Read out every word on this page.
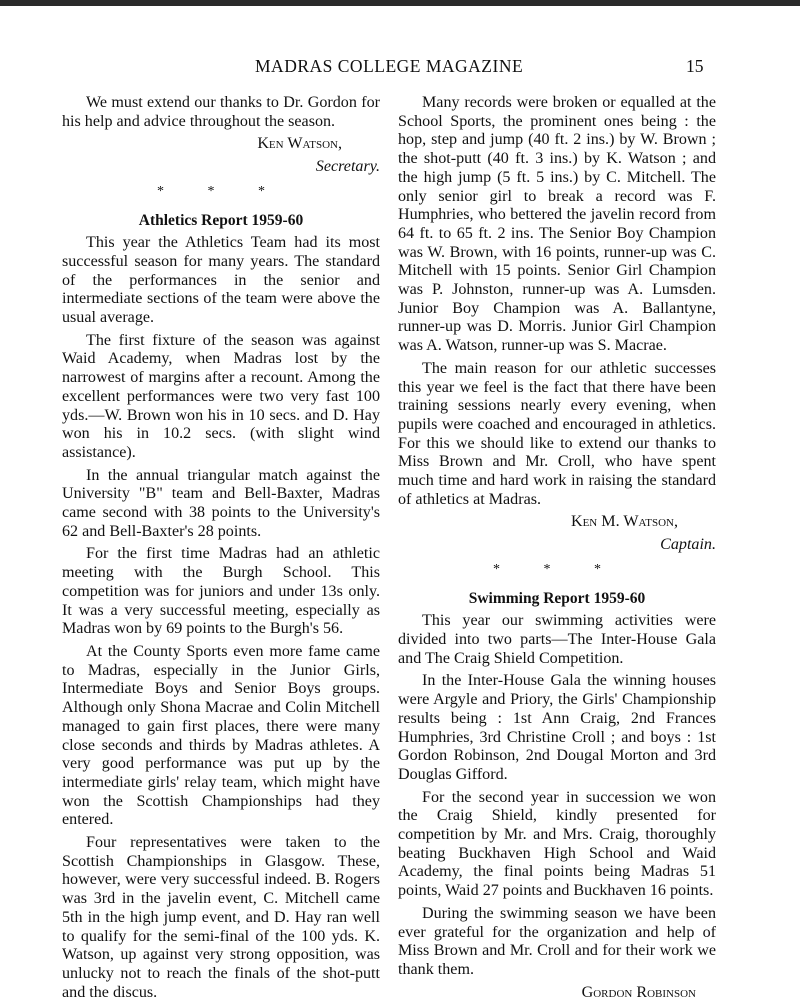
MADRAS COLLEGE MAGAZINE	15

We must extend our thanks to Dr. Gordon for his help and advice throughout the season.

Ken Watson,

Secretary.

* * *
Athletics Report 1959-60

This year the Athletics Team had its most successful season for many years. The standard of the performances in the senior and intermediate sections of the team were above the usual average.

The first fixture of the season was against Waid Academy, when Madras lost by the narrowest of margins after a recount. Among the excellent performances were two very fast 100 yds.—W. Brown won his in 10 secs. and D. Hay won his in 10.2 secs. (with slight wind assistance).

In the annual triangular match against the University "B" team and Bell-Baxter, Madras came second with 38 points to the University's 62 and Bell-Baxter's 28 points.

For the first time Madras had an athletic meeting with the Burgh School. This competition was for juniors and under 13s only. It was a very successful meeting, especially as Madras won by 69 points to the Burgh's 56.

At the County Sports even more fame came to Madras, especially in the Junior Girls, Intermediate Boys and Senior Boys groups. Although only Shona Macrae and Colin Mitchell managed to gain first places, there were many close seconds and thirds by Madras athletes. A very good performance was put up by the intermediate girls' relay team, which might have won the Scottish Championships had they entered.

Four representatives were taken to the Scottish Championships in Glasgow. These, however, were very successful indeed. B. Rogers was 3rd in the javelin event, C. Mitchell came 5th in the high jump event, and D. Hay ran well to qualify for the semi-final of the 100 yds. K. Watson, up against very strong opposition, was unlucky not to reach the finals of the shot-putt and the discus.

Many records were broken or equalled at the School Sports, the prominent ones being : the hop, step and jump (40 ft. 2 ins.) by W. Brown ; the shot-putt (40 ft. 3 ins.) by K. Watson ; and the high jump (5 ft. 5 ins.) by C. Mitchell. The only senior girl to break a record was F. Humphries, who bettered the javelin record from 64 ft. to 65 ft. 2 ins. The Senior Boy Champion was W. Brown, with 16 points, runner-up was C. Mitchell with 15 points. Senior Girl Champion was P. Johnston, runner-up was A. Lumsden. Junior Boy Champion was A. Ballantyne, runner-up was D. Morris. Junior Girl Champion was A. Watson, runner-up was S. Macrae.

The main reason for our athletic successes this year we feel is the fact that there have been training sessions nearly every evening, when pupils were coached and encouraged in athletics. For this we should like to extend our thanks to Miss Brown and Mr. Croll, who have spent much time and hard work in raising the standard of athletics at Madras.

Ken M. Watson,

Captain.

* * *
Swimming Report 1959-60

This year our swimming activities were divided into two parts—The Inter-House Gala and The Craig Shield Competition.

In the Inter-House Gala the winning houses were Argyle and Priory, the Girls' Championship results being : 1st Ann Craig, 2nd Frances Humphries, 3rd Christine Croll ; and boys : 1st Gordon Robinson, 2nd Dougal Morton and 3rd Douglas Gifford.

For the second year in succession we won the Craig Shield, kindly presented for competition by Mr. and Mrs. Craig, thoroughly beating Buckhaven High School and Waid Academy, the final points being Madras 51 points, Waid 27 points and Buckhaven 16 points.

During the swimming season we have been ever grateful for the organization and help of Miss Brown and Mr. Croll and for their work we thank them.

Gordon Robinson
